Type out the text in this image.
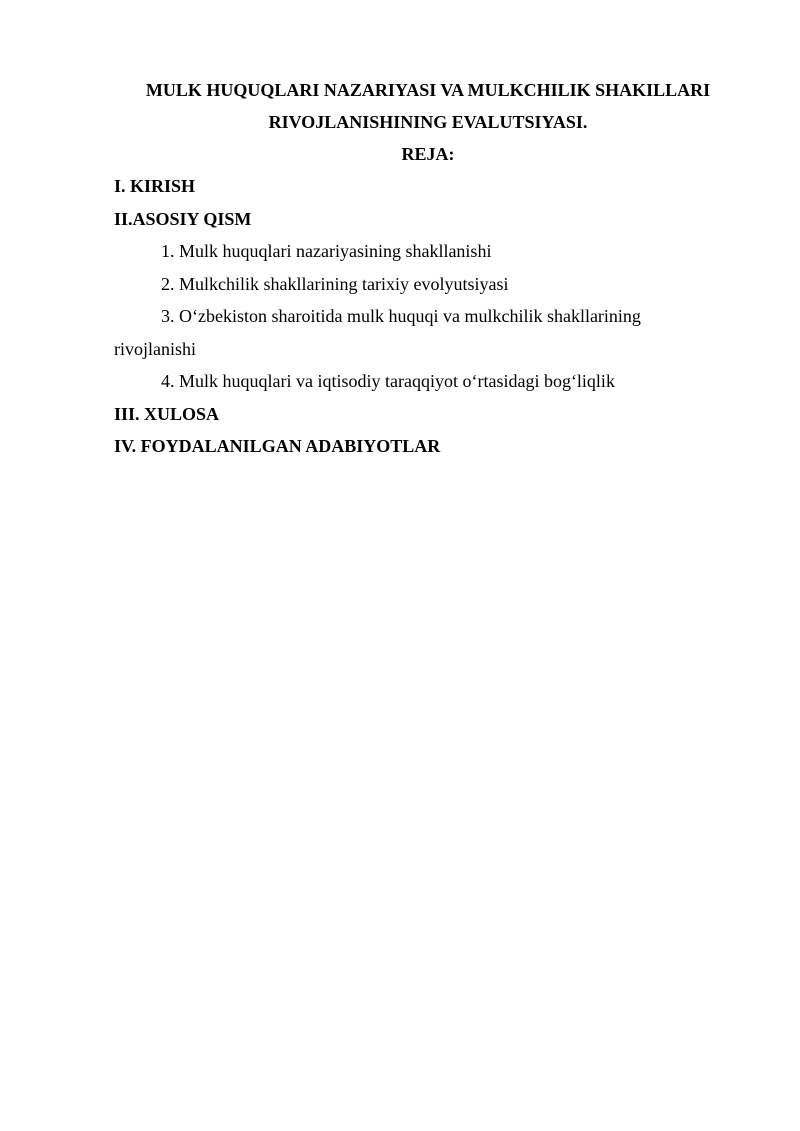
MULK HUQUQLARI NAZARIYASI VA MULKCHILIK SHAKILLARI
RIVOJLANISHINING EVALUTSIYASI.
REJA:

I. KIRISH

II.ASOSIY QISM

1. Mulk huquqlari nazariyasining shakllanishi

2. Mulkchilik shakllarining tarixiy evolyutsiyasi

3. O‘zbekiston sharoitida mulk huquqi va mulkchilik shakllarining rivojlanishi

4. Mulk huquqlari va iqtisodiy taraqqiyot o‘rtasidagi bog‘liqlik

III. XULOSA

IV. FOYDALANILGAN ADABIYOTLAR
